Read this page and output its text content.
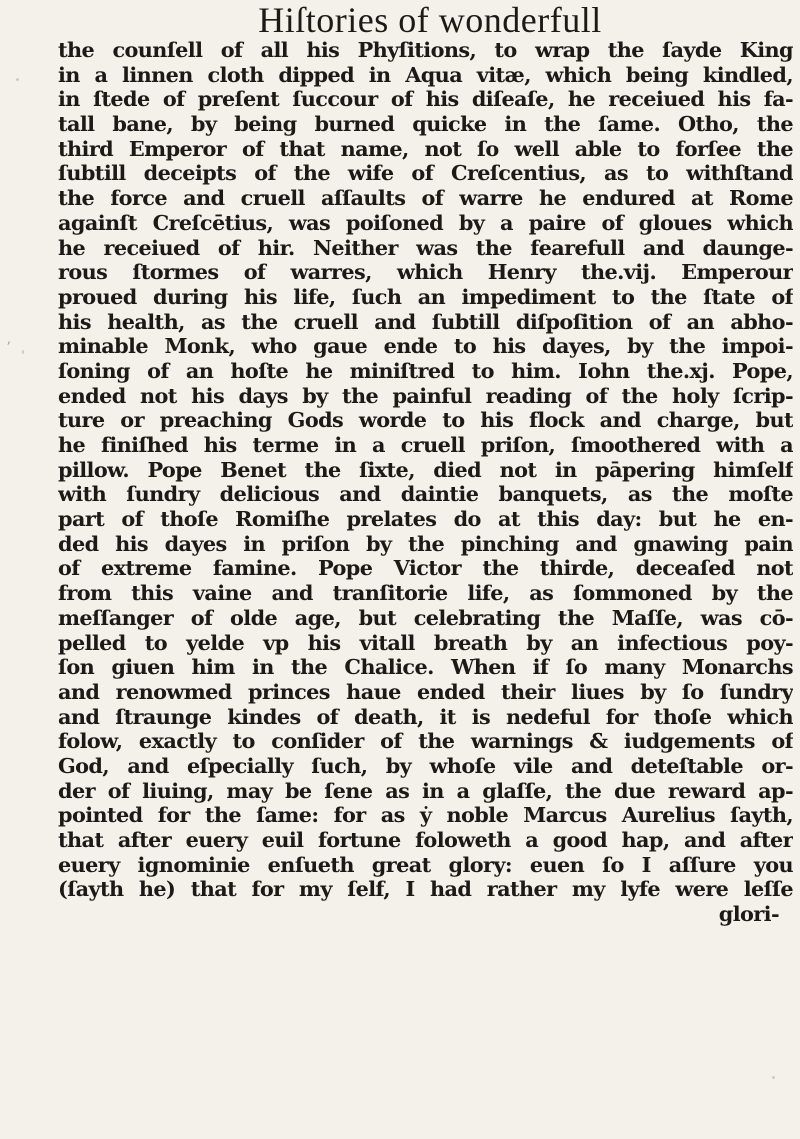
ʼ
Hiſtories of wonderfull
the counſell of all his Phyſitions, to wrap the ſayde King
in a linnen cloth dipped in Aqua vitæ, which being kindled,
in ſtede of preſent ſuccour of his diſeaſe, he receiued his fa-
tall bane, by being burned quicke in the ſame. Otho, the
third Emperor of that name, not ſo well able to forſee the
ſubtill deceipts of the wife of Creſcentius, as to withſtand
the force and cruell aſſaults of warre he endured at Rome
againſt Creſcētius, was poiſoned by a paire of gloues which
he receiued of hir. Neither was the fearefull and daunge-
rous ſtormes of warres, which Henry the.vij. Emperour
proued during his life, ſuch an impediment to the ſtate of
his health, as the cruell and ſubtill diſpoſition of an abho-
minable Monk, who gaue ende to his dayes, by the impoi-
ſoning of an hoſte he miniſtred to him. Iohn the.xj. Pope,
ended not his days by the painful reading of the holy ſcrip-
ture or preaching Gods worde to his flock and charge, but
he finiſhed his terme in a cruell priſon, ſmoothered with a
pillow. Pope Benet the ſixte, died not in pāpering himſelf
with ſundry delicious and daintie banquets, as the moſte
part of thoſe Romiſhe prelates do at this day: but he en-
ded his dayes in priſon by the pinching and gnawing pain
of extreme famine. Pope Victor the thirde, deceaſed not
from this vaine and tranſitorie life, as ſommoned by the
meſſanger of olde age, but celebrating the Maſſe, was cō-
pelled to yelde vp his vitall breath by an infectious poy-
ſon giuen him in the Chalice. When if ſo many Monarchs
and renowmed princes haue ended their liues by ſo ſundry
and ſtraunge kindes of death, it is nedeful for thoſe which
folow, exactly to conſider of the warnings & iudgements of
God, and eſpecially ſuch, by whoſe vile and deteſtable or-
der of liuing, may be ſene as in a glaſſe, the due reward ap-
pointed for the ſame: for as ẏ noble Marcus Aurelius ſayth,
that after euery euil fortune foloweth a good hap, and after
euery ignominie enſueth great glory: euen ſo I aſſure you
(ſayth he) that for my ſelf, I had rather my lyfe were leſſe
glori-
